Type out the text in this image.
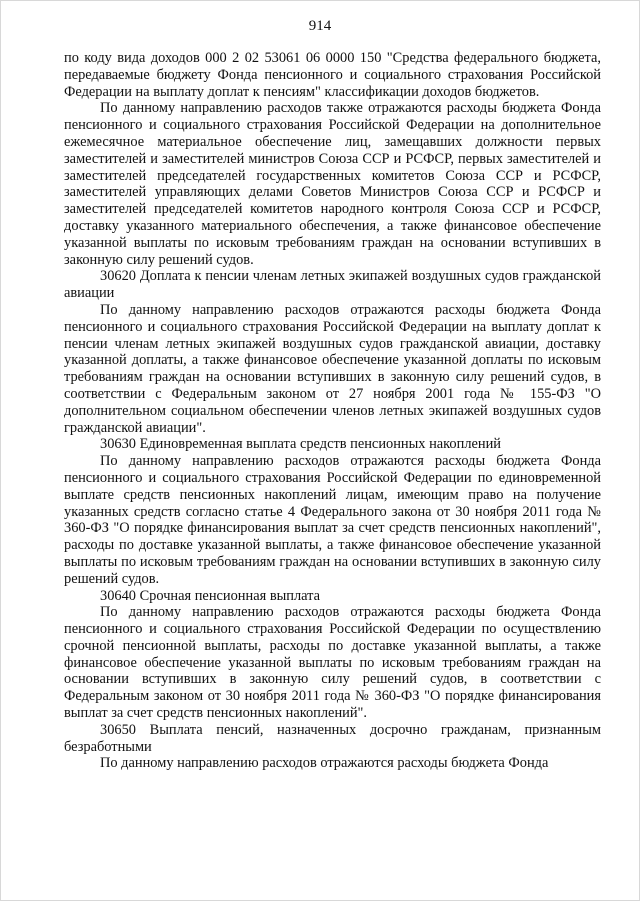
914

по коду вида доходов 000 2 02 53061 06 0000 150 "Средства федерального бюджета, передаваемые бюджету Фонда пенсионного и социального страхования Российской Федерации на выплату доплат к пенсиям" классификации доходов бюджетов.

По данному направлению расходов также отражаются расходы бюджета Фонда пенсионного и социального страхования Российской Федерации на дополнительное ежемесячное материальное обеспечение лиц, замещавших должности первых заместителей и заместителей министров Союза ССР и РСФСР, первых заместителей и заместителей председателей государственных комитетов Союза ССР и РСФСР, заместителей управляющих делами Советов Министров Союза ССР и РСФСР и заместителей председателей комитетов народного контроля Союза ССР и РСФСР, доставку указанного материального обеспечения, а также финансовое обеспечение указанной выплаты по исковым требованиям граждан на основании вступивших в законную силу решений судов.

30620 Доплата к пенсии членам летных экипажей воздушных судов гражданской авиации

По данному направлению расходов отражаются расходы бюджета Фонда пенсионного и социального страхования Российской Федерации на выплату доплат к пенсии членам летных экипажей воздушных судов гражданской авиации, доставку указанной доплаты, а также финансовое обеспечение указанной доплаты по исковым требованиям граждан на основании вступивших в законную силу решений судов, в соответствии с Федеральным законом от 27 ноября 2001 года № 155-ФЗ "О дополнительном социальном обеспечении членов летных экипажей воздушных судов гражданской авиации".

30630 Единовременная выплата средств пенсионных накоплений

По данному направлению расходов отражаются расходы бюджета Фонда пенсионного и социального страхования Российской Федерации по единовременной выплате средств пенсионных накоплений лицам, имеющим право на получение указанных средств согласно статье 4 Федерального закона от 30 ноября 2011 года № 360-ФЗ "О порядке финансирования выплат за счет средств пенсионных накоплений", расходы по доставке указанной выплаты, а также финансовое обеспечение указанной выплаты по исковым требованиям граждан на основании вступивших в законную силу решений судов.

30640 Срочная пенсионная выплата

По данному направлению расходов отражаются расходы бюджета Фонда пенсионного и социального страхования Российской Федерации по осуществлению срочной пенсионной выплаты, расходы по доставке указанной выплаты, а также финансовое обеспечение указанной выплаты по исковым требованиям граждан на основании вступивших в законную силу решений судов, в соответствии с Федеральным законом от 30 ноября 2011 года № 360-ФЗ "О порядке финансирования выплат за счет средств пенсионных накоплений".

30650 Выплата пенсий, назначенных досрочно гражданам, признанным безработными

По данному направлению расходов отражаются расходы бюджета Фонда
